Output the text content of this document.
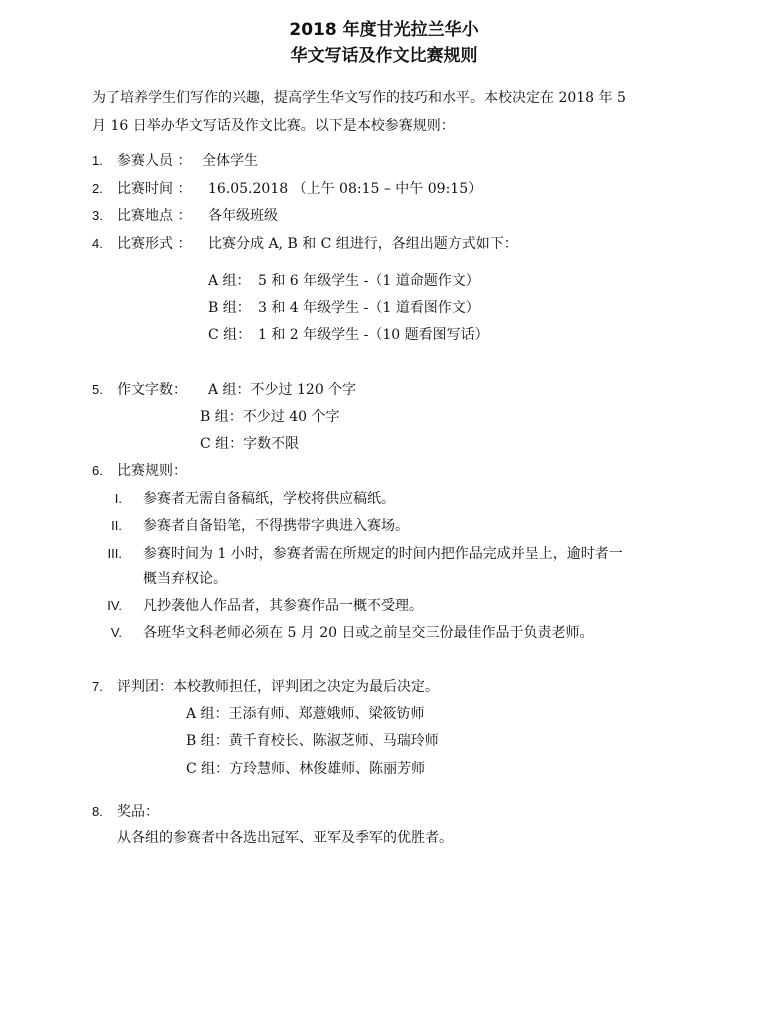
2018 年度甘光拉兰华小
华文写话及作文比赛规则
为了培养学生们写作的兴趣，提高学生华文写作的技巧和水平。本校决定在 2018 年 5
月 16 日举办华文写话及作文比赛。以下是本校参赛规则：
1. 参赛人员 ： 全体学生
2. 比赛时间 ： 16.05.2018 （上午 08:15 – 中午 09:15）
3. 比赛地点 ： 各年级班级
4. 比赛形式 ： 比赛分成 A, B 和 C 组进行，各组出题方式如下：
A 组： 5 和 6 年级学生 -（1 道命题作文）
B 组： 3 和 4 年级学生 -（1 道看图作文）
C 组： 1 和 2 年级学生 -（10 题看图写话）
5. 作文字数： A 组：不少过 120 个字
B 组：不少过 40 个字
C 组：字数不限
6. 比赛规则：
I. 参赛者无需自备稿纸，学校将供应稿纸。
II. 参赛者自备铅笔，不得携带字典进入赛场。
III. 参赛时间为 1 小时，参赛者需在所规定的时间内把作品完成并呈上，逾时者一
概当弃权论。
IV. 凡抄袭他人作品者，其参赛作品一概不受理。
V. 各班华文科老师必须在 5 月 20 日或之前呈交三份最佳作品于负责老师。
7. 评判团：本校教师担任，评判团之决定为最后决定。
A 组：王添有师、郑薏娥师、梁筱钫师
B 组：黄千育校长、陈淑芝师、马瑞玲师
C 组：方玲慧师、林俊雄师、陈丽芳师
8. 奖品：
从各组的参赛者中各选出冠军、亚军及季军的优胜者。
